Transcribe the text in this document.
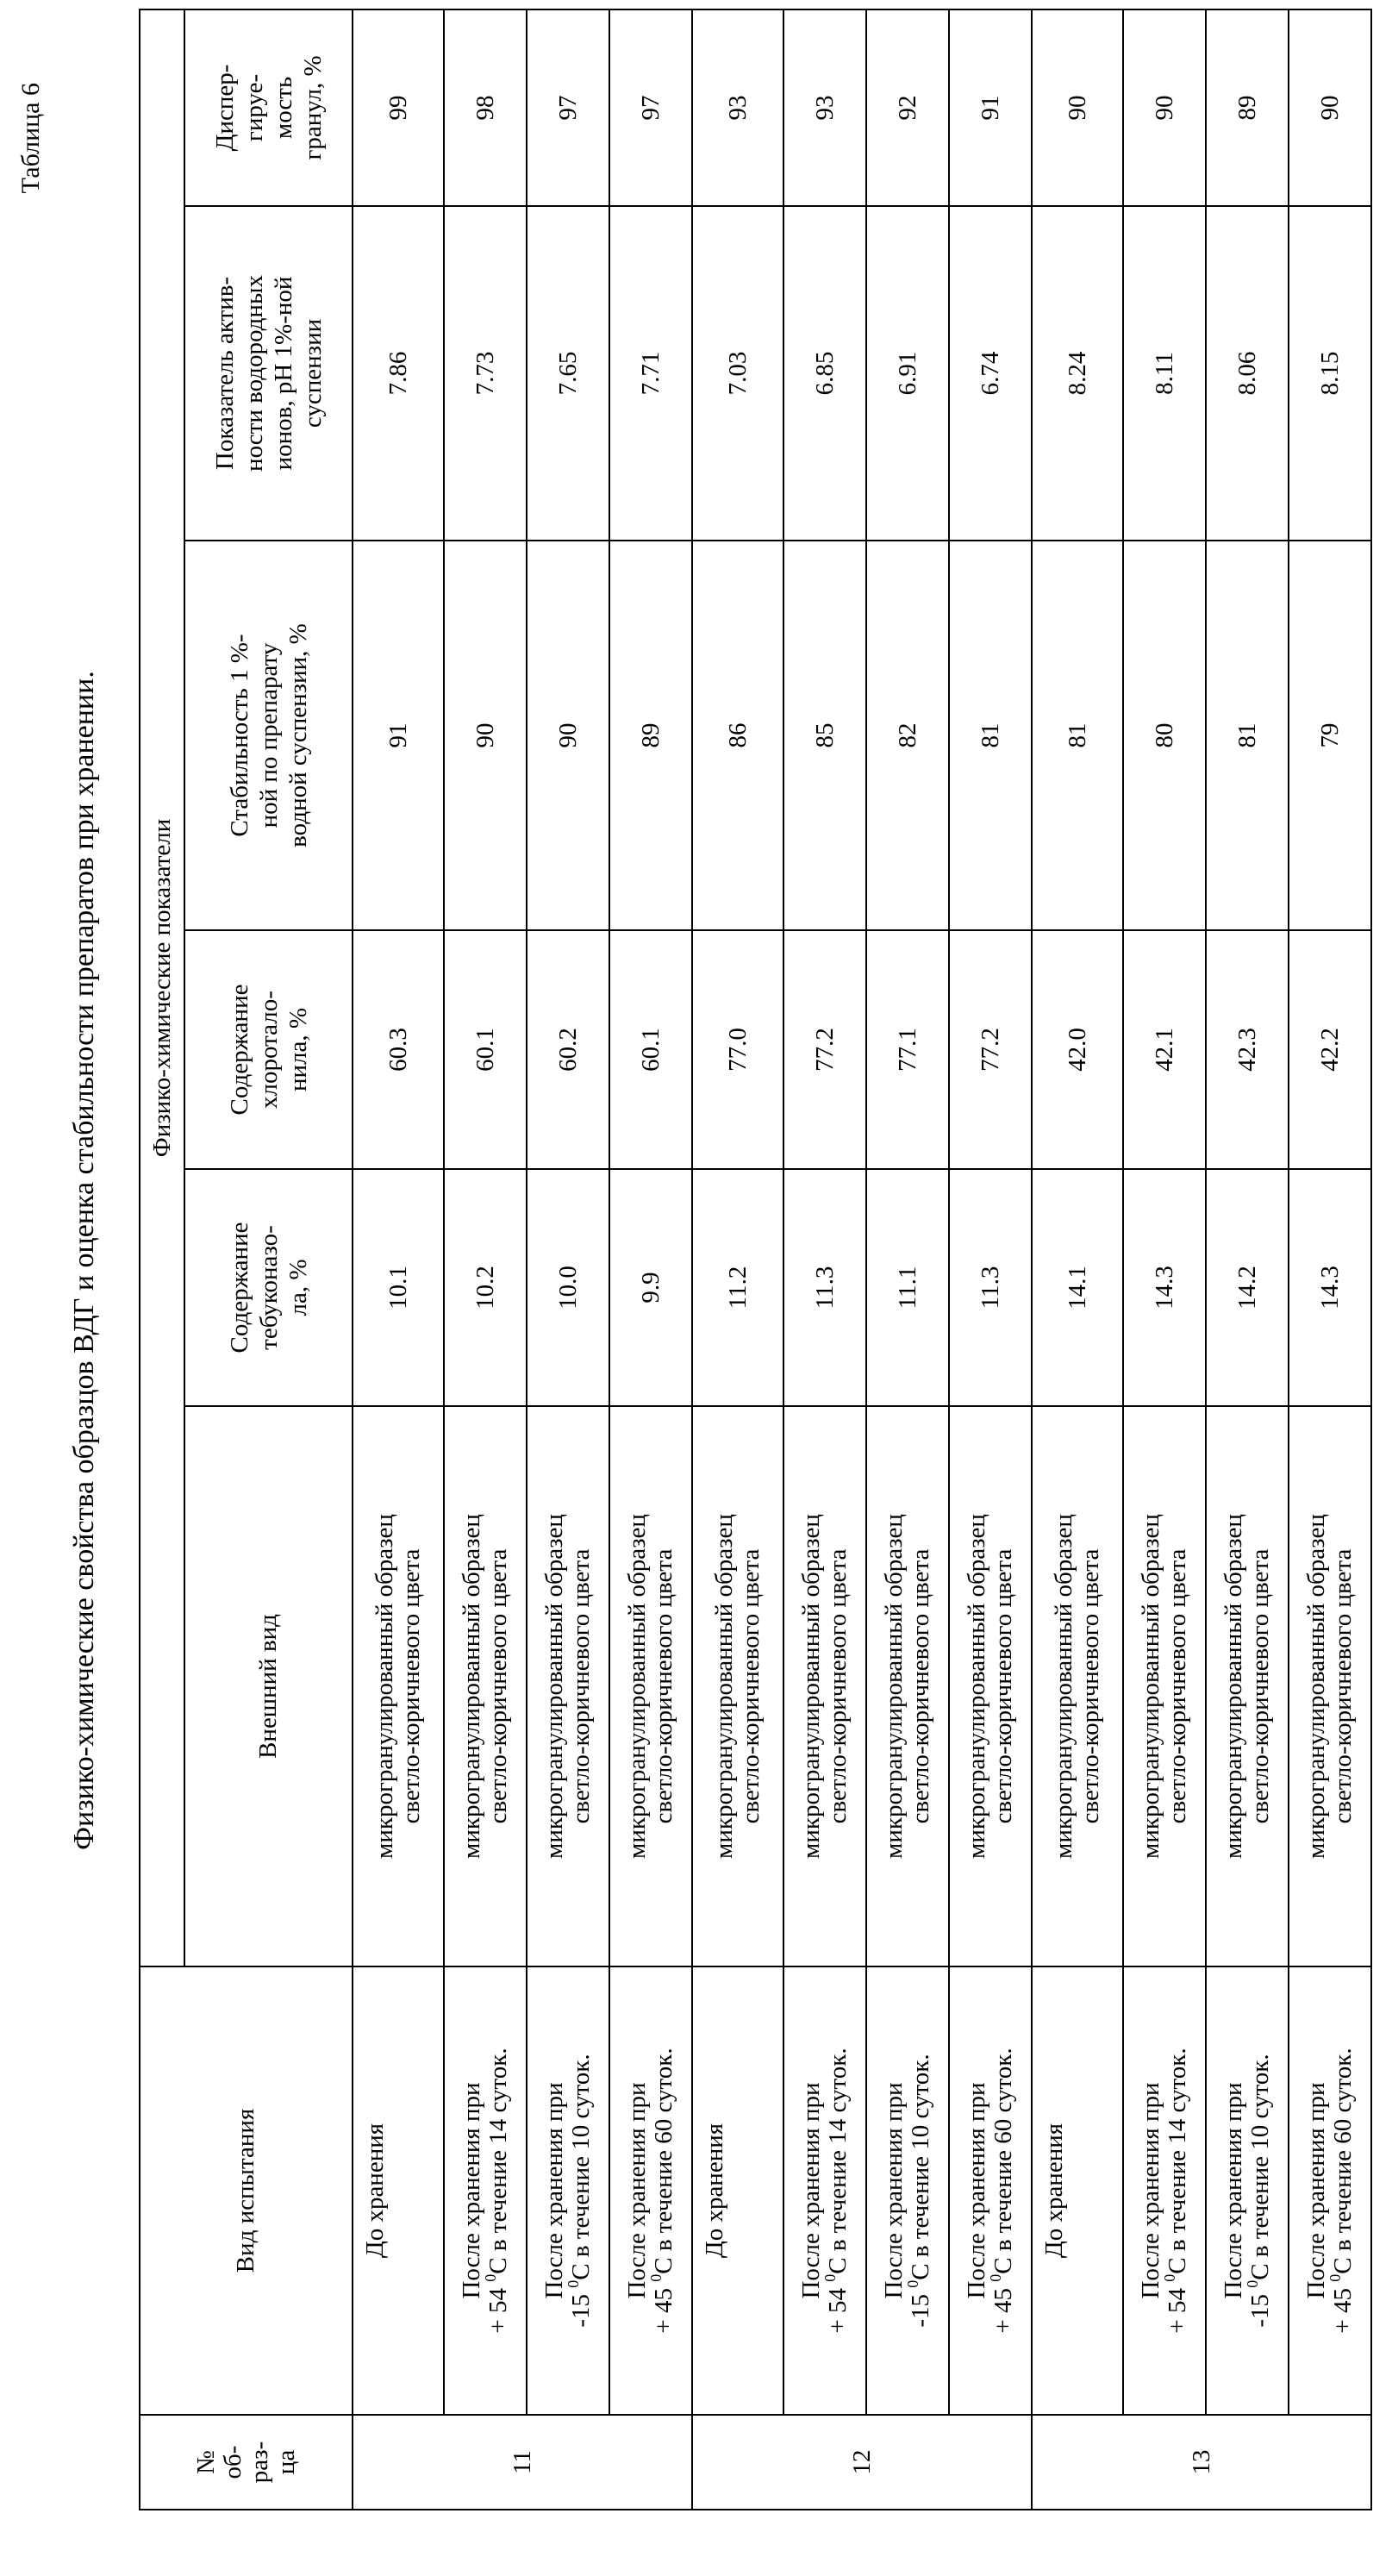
Таблица 6
Физико-химические свойства образцов ВДГ и оценка стабильности препаратов при хранении.
№ об- раз- ца
	Вид испытания	Физико-химические показатели
Внешний вид	
Содержание тебуконазо- ла, %

Содержание хлоротало- нила, %

Стабильность 1 %- ной по препарату водной суспензии, %

Показатель актив- ности водородных ионов, pH 1%-ной суспензии

Диспер- гируе- мость гранул, %

11	
До хранения

микрогранулированный образец светло-коричневого цвета
	10.1	60.3	91	7.86	99

После хранения при
+ 54 0С в течение 14 суток.

микрогранулированный образец светло-коричневого цвета
	10.2	60.1	90	7.73	98

После хранения при
-15 0С в течение 10 суток.

микрогранулированный образец светло-коричневого цвета
	10.0	60.2	90	7.65	97

После хранения при
+ 45 0С в течение 60 суток.

микрогранулированный образец светло-коричневого цвета
	9.9	60.1	89	7.71	97
12	
До хранения

микрогранулированный образец светло-коричневого цвета
	11.2	77.0	86	7.03	93

После хранения при
+ 54 0С в течение 14 суток.

микрогранулированный образец светло-коричневого цвета
	11.3	77.2	85	6.85	93

После хранения при
-15 0С в течение 10 суток.

микрогранулированный образец светло-коричневого цвета
	11.1	77.1	82	6.91	92

После хранения при
+ 45 0С в течение 60 суток.

микрогранулированный образец светло-коричневого цвета
	11.3	77.2	81	6.74	91
13	
До хранения

микрогранулированный образец светло-коричневого цвета
	14.1	42.0	81	8.24	90

После хранения при
+ 54 0С в течение 14 суток.

микрогранулированный образец светло-коричневого цвета
	14.3	42.1	80	8.11	90

После хранения при
-15 0С в течение 10 суток.

микрогранулированный образец светло-коричневого цвета
	14.2	42.3	81	8.06	89

После хранения при
+ 45 0С в течение 60 суток.

микрогранулированный образец светло-коричневого цвета
	14.3	42.2	79	8.15	90
